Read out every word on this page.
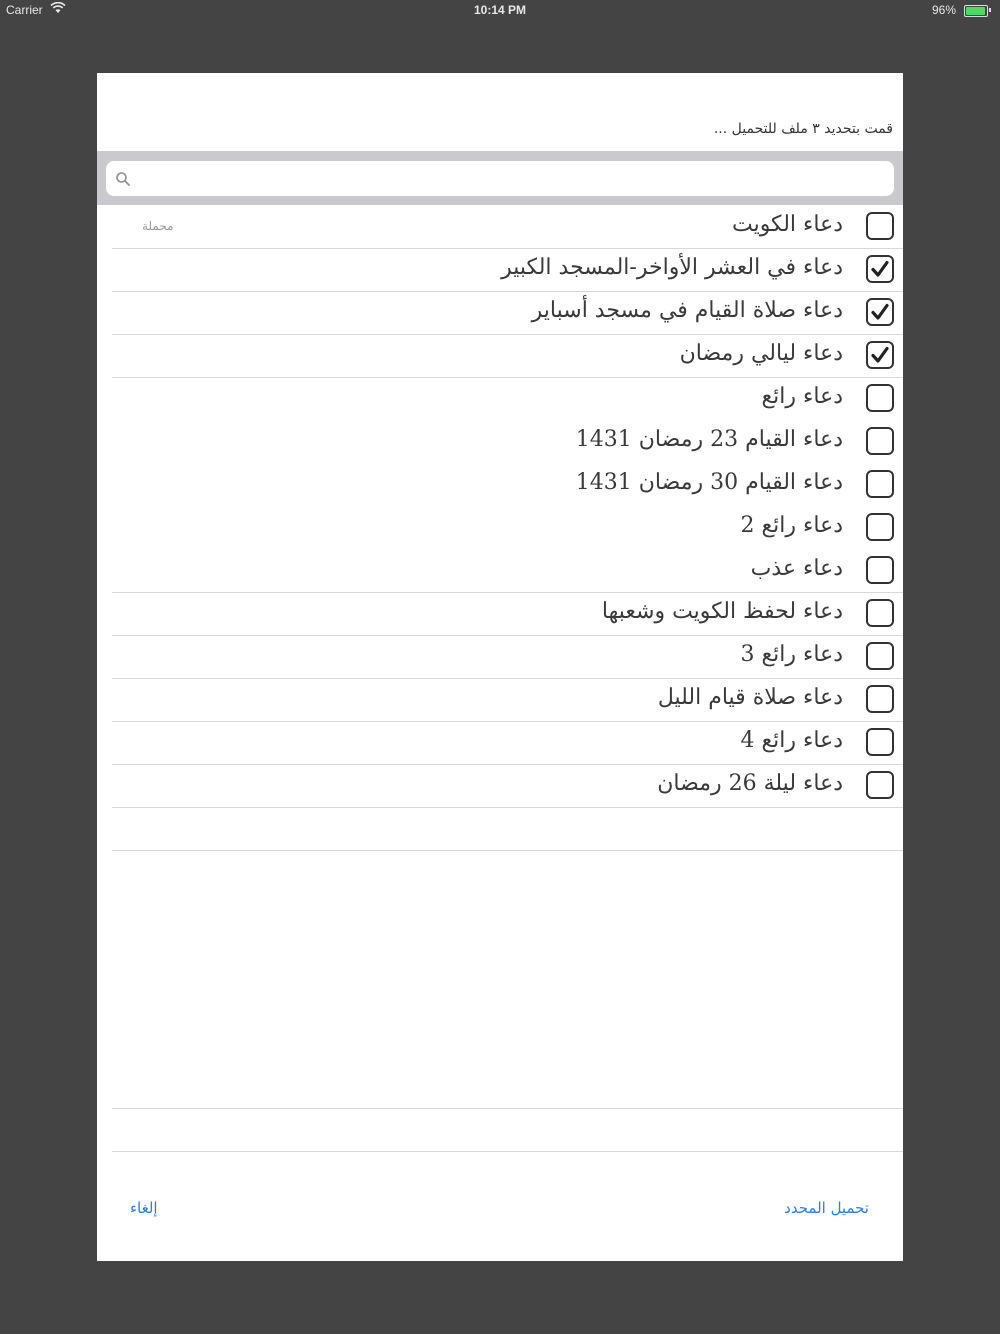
Carrier	10:14 PM	96%
قمت بتحديد ٣ ملف للتحميل ...
دعاء الكويت
محملة
دعاء في العشر الأواخر-المسجد الكبير
دعاء صلاة القيام في مسجد أسباير
دعاء ليالي رمضان
دعاء رائع
دعاء القيام 23 رمضان 1431
دعاء القيام 30 رمضان 1431
دعاء رائع 2
دعاء عذب
دعاء لحفظ الكويت وشعبها
دعاء رائع 3
دعاء صلاة قيام الليل
دعاء رائع 4
دعاء ليلة 26 رمضان
تحميل المحدد
إلغاء
